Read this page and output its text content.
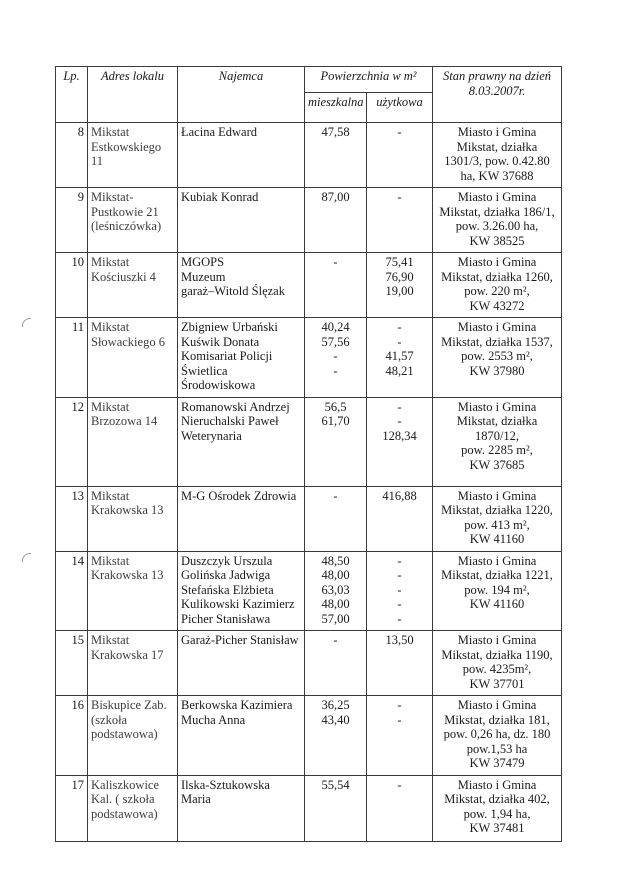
Lp.	Adres lokalu	Najemca	Powierzchnia w m²		Stan prawny na dzień 8.03.2007r.
			mieszkalna	użytkowa	
8	Mikstat
Estkowskiego
11	Łacina Edward	47,58	-	Miasto i Gmina
Mikstat, działka
1301/3, pow. 0.42.80
ha, KW 37688

9	Mikstat-
Pustkowie 21
(leśniczówka)	Kubiak Konrad	87,00	-	Miasto i Gmina
Mikstat, działka 186/1,
pow. 3.26.00 ha,
KW 38525

10	Mikstat
Kościuszki 4	MGOPS
Muzeum
garaż–Witold Ślęzak	-	75,41
76,90
19,00	Miasto i Gmina
Mikstat, działka 1260,
pow. 220 m²,
KW 43272

11	Mikstat
Słowackiego 6	Zbigniew Urbański
Kuświk Donata
Komisariat Policji
Świetlica
Środowiskowa	40,24
57,56
-
-	-
-
41,57
48,21	Miasto i Gmina
Mikstat, działka 1537,
pow. 2553 m²,
KW 37980

12	Mikstat
Brzozowa 14	Romanowski Andrzej
Nieruchalski Paweł
Weterynaria	56,5
61,70	-
-
128,34	Miasto i Gmina
Mikstat, działka
1870/12,
pow. 2285 m²,
KW 37685

13	Mikstat
Krakowska 13	M-G Ośrodek Zdrowia	-	416,88	Miasto i Gmina
Mikstat, działka 1220,
pow. 413 m²,
KW 41160

14	Mikstat
Krakowska 13	Duszczyk Urszula
Golińska Jadwiga
Stefańska Elżbieta
Kulikowski Kazimierz
Picher Stanisława	48,50
48,00
63,03
48,00
57,00	-
-
-
-
-	Miasto i Gmina
Mikstat, działka 1221,
pow. 194 m²,
KW 41160

15	Mikstat
Krakowska 17	Garaż-Picher Stanisław	-	13,50	Miasto i Gmina
Mikstat, działka 1190,
pow. 4235m²,
KW 37701

16	Biskupice Zab.
(szkoła
podstawowa)	Berkowska Kazimiera
Mucha Anna	36,25
43,40	-
-	Miasto i Gmina
Mikstat, działka 181,
pow. 0,26 ha, dz. 180
pow.1,53 ha
KW 37479

17	Kaliszkowice
Kal. ( szkoła
podstawowa)	Ilska-Sztukowska
Maria	55,54	-	Miasto i Gmina
Mikstat, działka 402,
pow. 1,94 ha,
KW 37481
